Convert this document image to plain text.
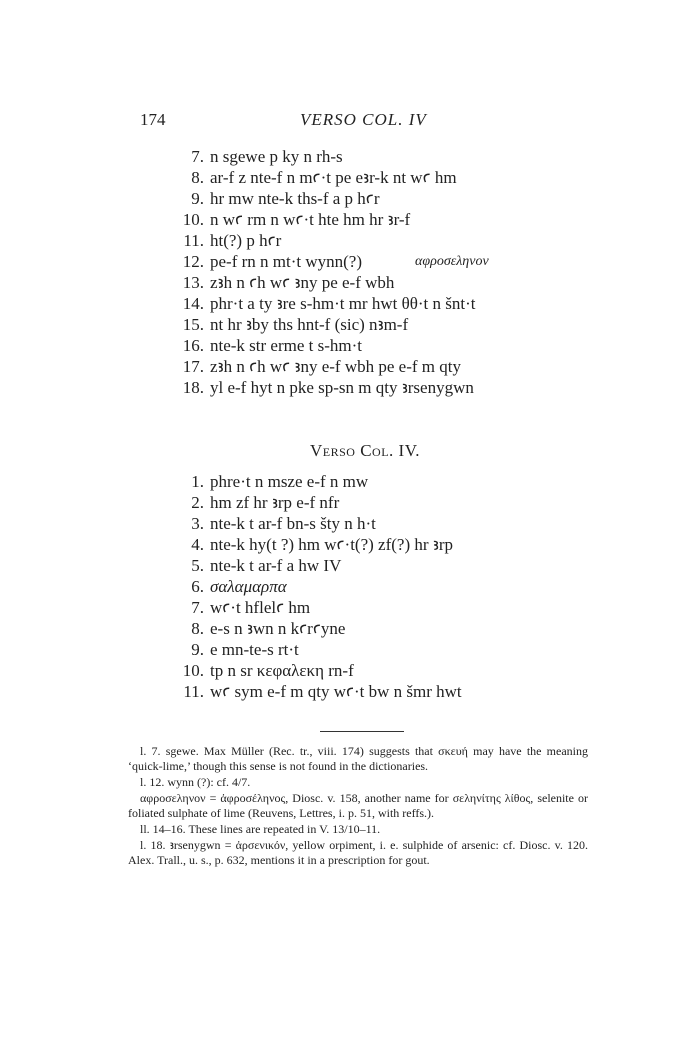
174	VERSO COL. IV
7. n sgewe p ky n rh-s
8. ar-f z nte-f n mꜥ·t pe eꜣr-k nt wꜥ hm
9. hr mw nte-k ths-f a p hꜥr
10. n wꜥ rm n wꜥ·t hte hm hr ꜣr-f
11. ht(?) p hꜥr
12. pe-f rn n mt·t wynn(?)	αφροσεληνον
13. zꜣh n ꜥh wꜥ ꜣny pe e-f wbh
14. phr·t a ty ꜣre s-hm·t mr hwt θθ·t n šnt·t
15. nt hr ꜣby ths hnt-f (sic) nꜣm-f
16. nte-k str erme t s-hm·t
17. zꜣh n ꜥh wꜥ ꜣny e-f wbh pe e-f m qty
18. yl e-f hyt n pke sp-sn m qty ꜣrsenygwn
Verso Col. IV.
1. phre·t n msze e-f n mw
2. hm zf hr ꜣrp e-f nfr
3. nte-k t ar-f bn-s šty n h·t
4. nte-k hy(t ?) hm wꜥ·t(?) zf(?) hr ꜣrp
5. nte-k t ar-f a hw IV
6. σαλαμαρπα
7. wꜥ·t hflelꜥ hm
8. e-s n ꜣwn n kꜥrꜥyne
9. e mn-te-s rt·t
10. tp n sr κεφαλεκη rn-f
11. wꜥ sym e-f m qty wꜥ·t bw n šmr hwt

l. 7. sgewe. Max Müller (Rec. tr., viii. 174) suggests that σκευή may have the meaning ‘quick-lime,’ though this sense is not found in the dictionaries.

l. 12. wynn (?): cf. 4/7.

αφροσεληνον = ἀφροσέληνος, Diosc. v. 158, another name for σεληνίτης λίθος, selenite or foliated sulphate of lime (Reuvens, Lettres, i. p. 51, with reffs.).

ll. 14–16. These lines are repeated in V. 13/10–11.

l. 18. ꜣrsenygwn = ἀρσενικόν, yellow orpiment, i. e. sulphide of arsenic: cf. Diosc. v. 120. Alex. Trall., u. s., p. 632, mentions it in a prescription for gout.
